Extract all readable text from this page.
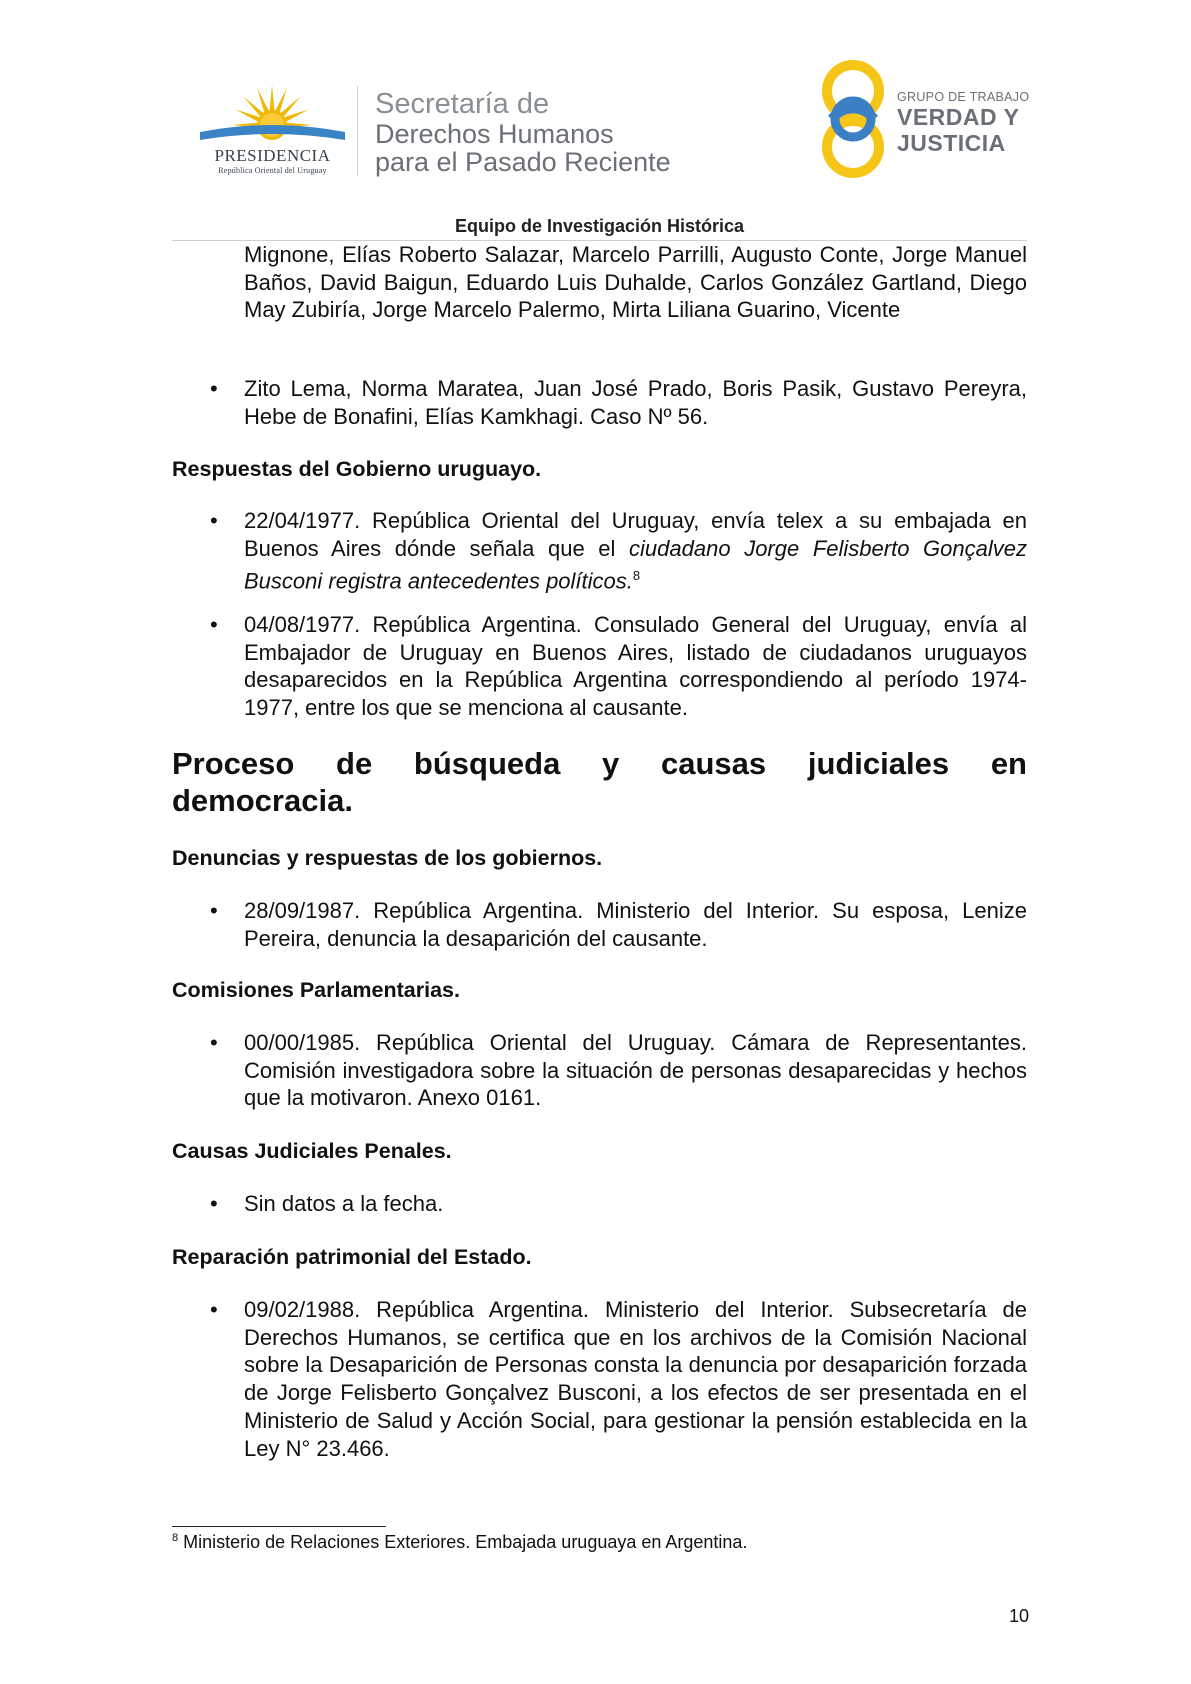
PRESIDENCIA
República Oriental del Uruguay
Secretaría de
Derechos Humanos
para el Pasado Reciente
GRUPO DE TRABAJO
VERDAD Y
JUSTICIA
Equipo de Investigación Histórica
Mignone, Elías Roberto Salazar, Marcelo Parrilli, Augusto Conte, Jorge Manuel Baños, David Baigun, Eduardo Luis Duhalde, Carlos González Gartland, Diego May Zubiría, Jorge Marcelo Palermo, Mirta Liliana Guarino, Vicente
• Zito Lema, Norma Maratea, Juan José Prado, Boris Pasik, Gustavo Pereyra, Hebe de Bonafini, Elías Kamkhagi. Caso Nº 56.
Respuestas del Gobierno uruguayo.
• 22/04/1977. República Oriental del Uruguay, envía telex a su embajada en Buenos Aires dónde señala que el ciudadano Jorge Felisberto Gonçalvez Busconi registra antecedentes políticos.$^8$
• 04/08/1977. República Argentina. Consulado General del Uruguay, envía al Embajador de Uruguay en Buenos Aires, listado de ciudadanos uruguayos desaparecidos en la República Argentina correspondiendo al período 1974-1977, entre los que se menciona al causante.
Proceso de búsqueda y causas judiciales en
democracia.
Denuncias y respuestas de los gobiernos.
• 28/09/1987. República Argentina. Ministerio del Interior. Su esposa, Lenize Pereira, denuncia la desaparición del causante.
Comisiones Parlamentarias.
• 00/00/1985. República Oriental del Uruguay. Cámara de Representantes. Comisión investigadora sobre la situación de personas desaparecidas y hechos que la motivaron. Anexo 0161.
Causas Judiciales Penales.
• Sin datos a la fecha.
Reparación patrimonial del Estado.
• 09/02/1988. República Argentina. Ministerio del Interior. Subsecretaría de Derechos Humanos, se certifica que en los archivos de la Comisión Nacional sobre la Desaparición de Personas consta la denuncia por desaparición forzada de Jorge Felisberto Gonçalvez Busconi, a los efectos de ser presentada en el Ministerio de Salud y Acción Social, para gestionar la pensión establecida en la Ley N° 23.466.
$^8$ Ministerio de Relaciones Exteriores. Embajada uruguaya en Argentina.
10
